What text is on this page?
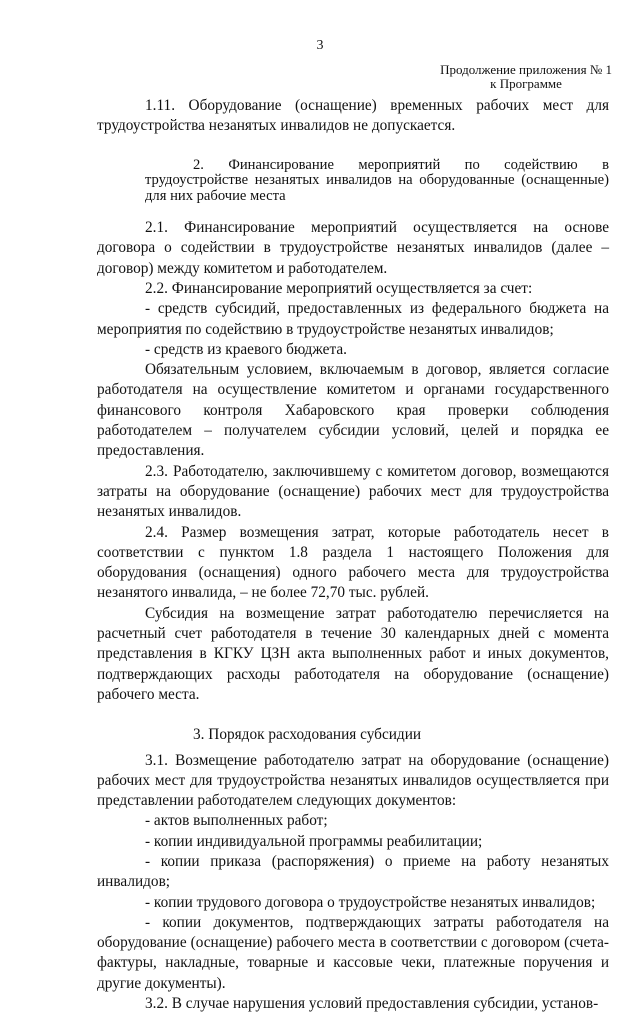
3
Продолжение приложения № 1
к Программе

1.11. Оборудование (оснащение) временных рабочих мест для трудоустройства незанятых инвалидов не допускается.

2. Финансирование мероприятий по содействию в трудоустройстве незанятых инвалидов на оборудованные (оснащенные) для них рабочие места

2.1. Финансирование мероприятий осуществляется на основе договора о содействии в трудоустройстве незанятых инвалидов (далее – договор) между комитетом и работодателем.

2.2. Финансирование мероприятий осуществляется за счет:

- средств субсидий, предоставленных из федерального бюджета на мероприятия по содействию в трудоустройстве незанятых инвалидов;

- средств из краевого бюджета.

Обязательным условием, включаемым в договор, является согласие работодателя на осуществление комитетом и органами государственного финансового контроля Хабаровского края проверки соблюдения работодателем – получателем субсидии условий, целей и порядка ее предоставления.

2.3. Работодателю, заключившему с комитетом договор, возмещаются затраты на оборудование (оснащение) рабочих мест для трудоустройства незанятых инвалидов.

2.4. Размер возмещения затрат, которые работодатель несет в соответствии с пунктом 1.8 раздела 1 настоящего Положения для оборудования (оснащения) одного рабочего места для трудоустройства незанятого инвалида, – не более 72,70 тыс. рублей.

Субсидия на возмещение затрат работодателю перечисляется на расчетный счет работодателя в течение 30 календарных дней с момента представления в КГКУ ЦЗН акта выполненных работ и иных документов, подтверждающих расходы работодателя на оборудование (оснащение) рабочего места.

3. Порядок расходования субсидии

3.1. Возмещение работодателю затрат на оборудование (оснащение) рабочих мест для трудоустройства незанятых инвалидов осуществляется при представлении работодателем следующих документов:

- актов выполненных работ;

- копии индивидуальной программы реабилитации;

- копии приказа (распоряжения) о приеме на работу незанятых инвалидов;

- копии трудового договора о трудоустройстве незанятых инвалидов;

- копии документов, подтверждающих затраты работодателя на оборудование (оснащение) рабочего места в соответствии с договором (счета-фактуры, накладные, товарные и кассовые чеки, платежные поручения и другие документы).

3.2. В случае нарушения условий предоставления субсидии, установ-
